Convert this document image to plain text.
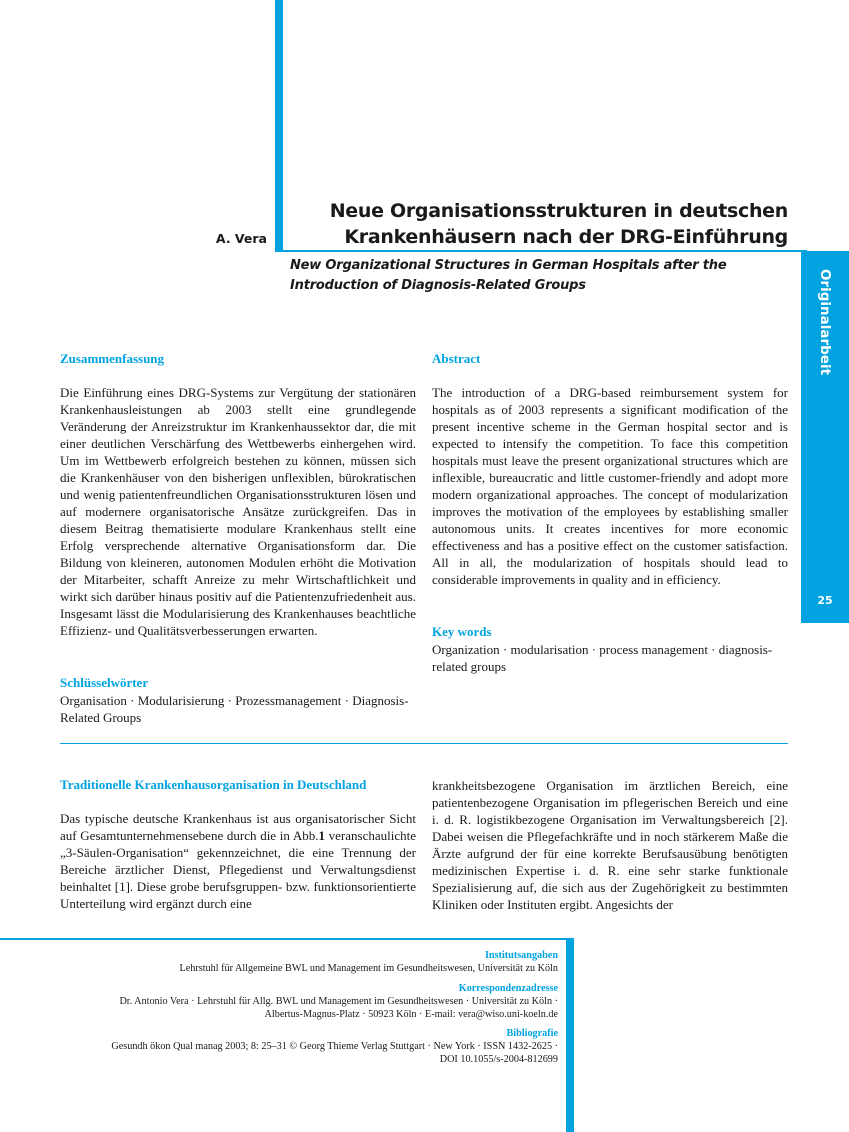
Originalarbeit
25
A. Vera
Neue Organisationsstrukturen in deutschen
Krankenhäusern nach der DRG-Einführung
New Organizational Structures in German Hospitals after the Introduction of Diagnosis-Related Groups
Zusammenfassung
Die Einführung eines DRG-Systems zur Vergütung der stationären Krankenhausleistungen ab 2003 stellt eine grundlegende Veränderung der Anreizstruktur im Krankenhaussektor dar, die mit einer deutlichen Verschärfung des Wettbewerbs einhergehen wird. Um im Wettbewerb erfolgreich bestehen zu können, müssen sich die Krankenhäuser von den bisherigen unflexiblen, bürokratischen und wenig patientenfreundlichen Organisationsstrukturen lösen und auf modernere organisatorische Ansätze zurückgreifen. Das in diesem Beitrag thematisierte modulare Krankenhaus stellt eine Erfolg versprechende alternative Organisationsform dar. Die Bildung von kleineren, autonomen Modulen erhöht die Motivation der Mitarbeiter, schafft Anreize zu mehr Wirtschaftlichkeit und wirkt sich darüber hinaus positiv auf die Patientenzufriedenheit aus. Insgesamt lässt die Modularisierung des Krankenhauses beachtliche Effizienz- und Qualitätsverbesserungen erwarten.
Schlüsselwörter
Organisation · Modularisierung · Prozessmanagement · Diagnosis-Related Groups
Abstract
The introduction of a DRG-based reimbursement system for hospitals as of 2003 represents a significant modification of the present incentive scheme in the German hospital sector and is expected to intensify the competition. To face this competition hospitals must leave the present organizational structures which are inflexible, bureaucratic and little customer-friendly and adopt more modern organizational approaches. The concept of modularization improves the motivation of the employees by establishing smaller autonomous units. It creates incentives for more economic effectiveness and has a positive effect on the customer satisfaction. All in all, the modularization of hospitals should lead to considerable improvements in quality and in efficiency.
Key words
Organization · modularisation · process management · diagnosis-related groups
Traditionelle Krankenhausorganisation in Deutschland
Das typische deutsche Krankenhaus ist aus organisatorischer Sicht auf Gesamtunternehmensebene durch die in Abb.1 veranschaulichte „3-Säulen-Organisation“ gekennzeichnet, die eine Trennung der Bereiche ärztlicher Dienst, Pflegedienst und Verwaltungsdienst beinhaltet [1]. Diese grobe berufsgruppen- bzw. funktionsorientierte Unterteilung wird ergänzt durch eine
krankheitsbezogene Organisation im ärztlichen Bereich, eine patientenbezogene Organisation im pflegerischen Bereich und eine i. d. R. logistikbezogene Organisation im Verwaltungsbereich [2]. Dabei weisen die Pflegefachkräfte und in noch stärkerem Maße die Ärzte aufgrund der für eine korrekte Berufsausübung benötigten medizinischen Expertise i. d. R. eine sehr starke funktionale Spezialisierung auf, die sich aus der Zugehörigkeit zu bestimmten Kliniken oder Instituten ergibt. Angesichts der
Institutsangaben
Lehrstuhl für Allgemeine BWL und Management im Gesundheitswesen, Universität zu Köln
Korrespondenzadresse
Dr. Antonio Vera · Lehrstuhl für Allg. BWL und Management im Gesundheitswesen · Universität zu Köln ·
Albertus-Magnus-Platz · 50923 Köln · E-mail: vera@wiso.uni-koeln.de
Bibliografie
Gesundh ökon Qual manag 2003; 8: 25–31 © Georg Thieme Verlag Stuttgart · New York · ISSN 1432-2625 ·
DOI 10.1055/s-2004-812699
